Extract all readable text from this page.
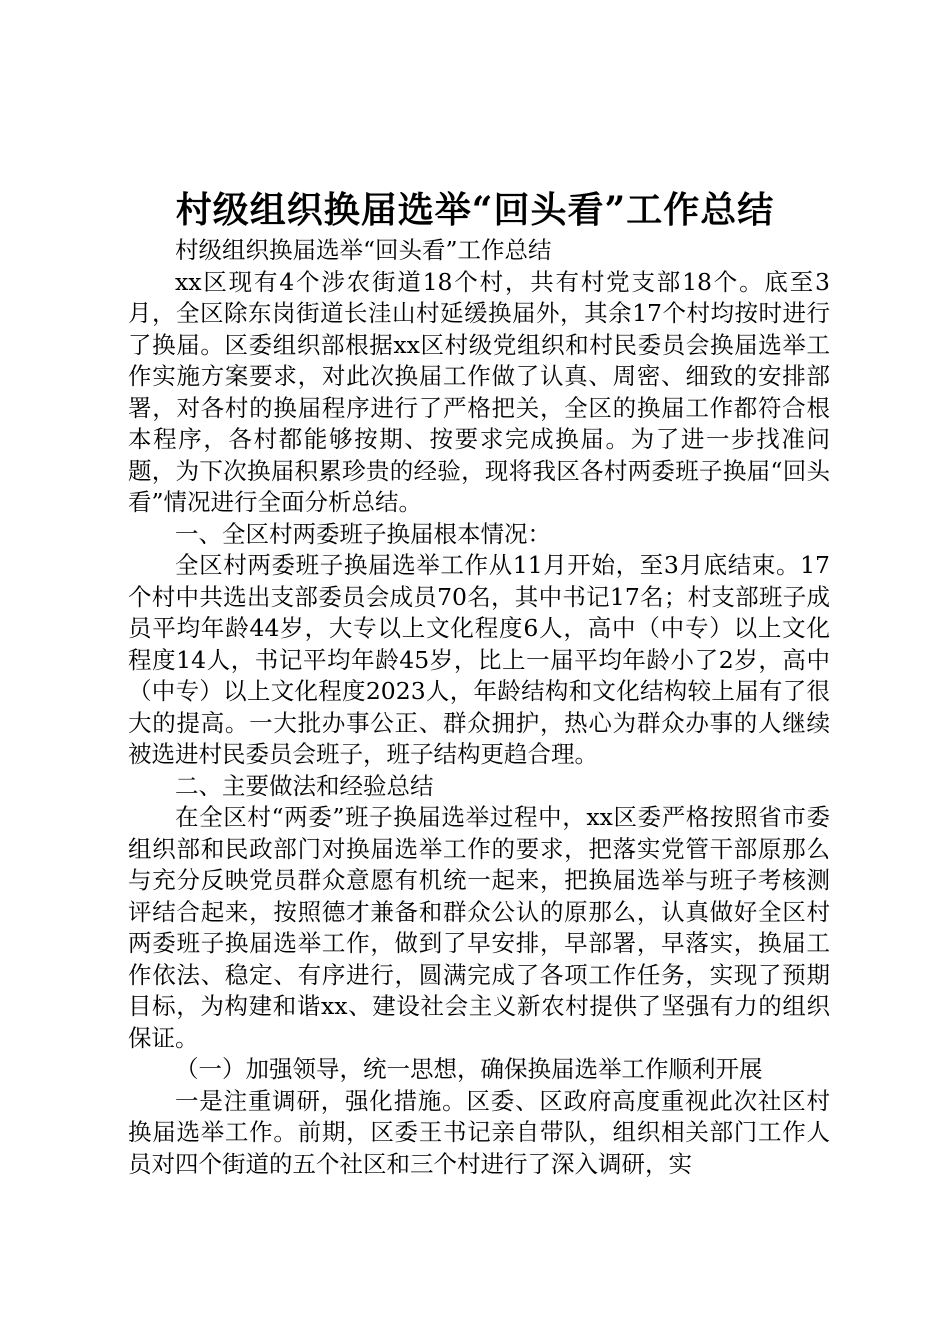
村级组织换届选举“回头看”工作总结

村级组织换届选举“回头看”工作总结

xx区现有4个涉农街道18个村，共有村党支部18个。底至3月，全区除东岗街道长洼山村延缓换届外，其余17个村均按时进行了换届。区委组织部根据xx区村级党组织和村民委员会换届选举工作实施方案要求，对此次换届工作做了认真、周密、细致的安排部署，对各村的换届程序进行了严格把关，全区的换届工作都符合根本程序，各村都能够按期、按要求完成换届。为了进一步找准问题，为下次换届积累珍贵的经验，现将我区各村两委班子换届“回头看”情况进行全面分析总结。

一、全区村两委班子换届根本情况：

全区村两委班子换届选举工作从11月开始，至3月底结束。17个村中共选出支部委员会成员70名，其中书记17名；村支部班子成员平均年龄44岁，大专以上文化程度6人，高中（中专）以上文化程度14人，书记平均年龄45岁，比上一届平均年龄小了2岁，高中（中专）以上文化程度2023人，年龄结构和文化结构较上届有了很大的提高。一大批办事公正、群众拥护，热心为群众办事的人继续被选进村民委员会班子，班子结构更趋合理。

二、主要做法和经验总结

在全区村“两委”班子换届选举过程中，xx区委严格按照省市委组织部和民政部门对换届选举工作的要求，把落实党管干部原那么与充分反映党员群众意愿有机统一起来，把换届选举与班子考核测评结合起来，按照德才兼备和群众公认的原那么，认真做好全区村两委班子换届选举工作，做到了早安排，早部署，早落实，换届工作依法、稳定、有序进行，圆满完成了各项工作任务，实现了预期目标，为构建和谐xx、建设社会主义新农村提供了坚强有力的组织保证。

（一）加强领导，统一思想，确保换届选举工作顺利开展

一是注重调研，强化措施。区委、区政府高度重视此次社区村换届选举工作。前期，区委王书记亲自带队，组织相关部门工作人员对四个街道的五个社区和三个村进行了深入调研，实
